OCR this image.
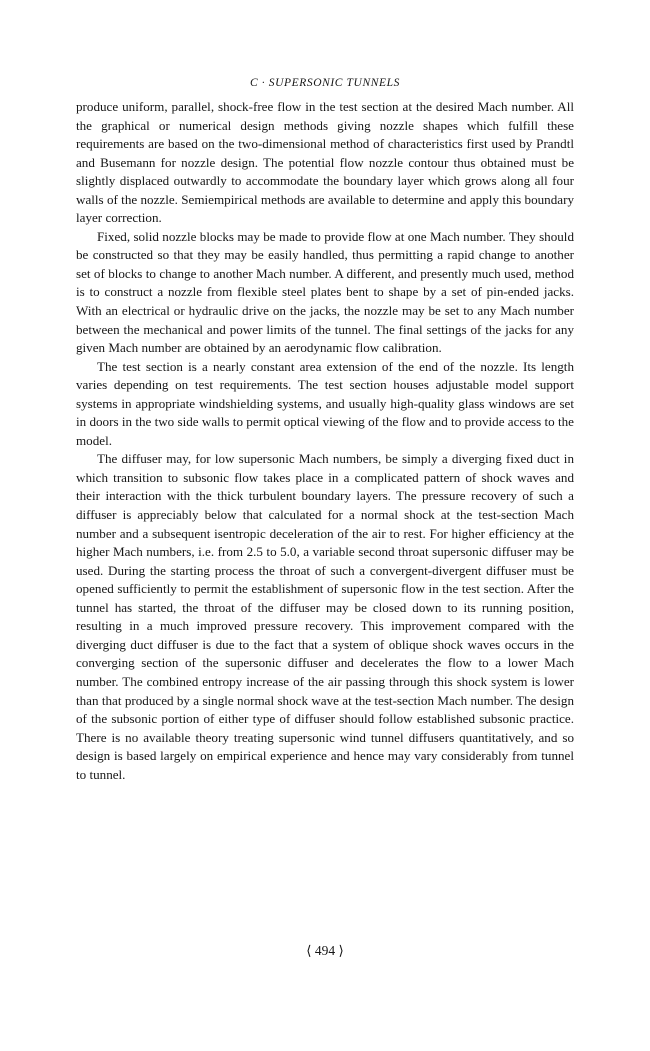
C · SUPERSONIC TUNNELS

produce uniform, parallel, shock-free flow in the test section at the desired Mach number. All the graphical or numerical design methods giving nozzle shapes which fulfill these requirements are based on the two-dimensional method of characteristics first used by Prandtl and Busemann for nozzle design. The potential flow nozzle contour thus obtained must be slightly displaced outwardly to accommodate the boundary layer which grows along all four walls of the nozzle. Semiempirical methods are available to determine and apply this boundary layer correction.

Fixed, solid nozzle blocks may be made to provide flow at one Mach number. They should be constructed so that they may be easily handled, thus permitting a rapid change to another set of blocks to change to another Mach number. A different, and presently much used, method is to construct a nozzle from flexible steel plates bent to shape by a set of pin-ended jacks. With an electrical or hydraulic drive on the jacks, the nozzle may be set to any Mach number between the mechanical and power limits of the tunnel. The final settings of the jacks for any given Mach number are obtained by an aerodynamic flow calibration.

The test section is a nearly constant area extension of the end of the nozzle. Its length varies depending on test requirements. The test section houses adjustable model support systems in appropriate windshielding systems, and usually high-quality glass windows are set in doors in the two side walls to permit optical viewing of the flow and to provide access to the model.

The diffuser may, for low supersonic Mach numbers, be simply a diverging fixed duct in which transition to subsonic flow takes place in a complicated pattern of shock waves and their interaction with the thick turbulent boundary layers. The pressure recovery of such a diffuser is appreciably below that calculated for a normal shock at the test-section Mach number and a subsequent isentropic deceleration of the air to rest. For higher efficiency at the higher Mach numbers, i.e. from 2.5 to 5.0, a variable second throat supersonic diffuser may be used. During the starting process the throat of such a convergent-divergent diffuser must be opened sufficiently to permit the establishment of supersonic flow in the test section. After the tunnel has started, the throat of the diffuser may be closed down to its running position, resulting in a much improved pressure recovery. This improvement compared with the diverging duct diffuser is due to the fact that a system of oblique shock waves occurs in the converging section of the supersonic diffuser and decelerates the flow to a lower Mach number. The combined entropy increase of the air passing through this shock system is lower than that produced by a single normal shock wave at the test-section Mach number. The design of the subsonic portion of either type of diffuser should follow established subsonic practice. There is no available theory treating supersonic wind tunnel diffusers quantitatively, and so design is based largely on empirical experience and hence may vary considerably from tunnel to tunnel.

⟨ 494 ⟩
